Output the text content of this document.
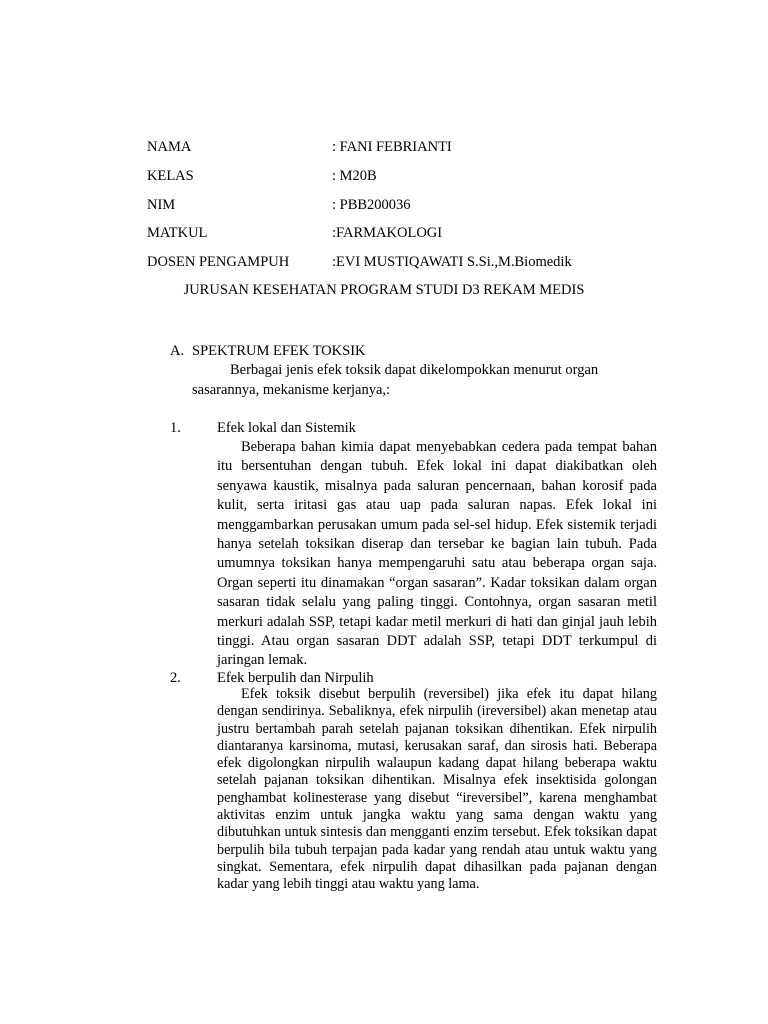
NAMA	: FANI FEBRIANTI
KELAS	: M20B
NIM	: PBB200036
MATKUL	:FARMAKOLOGI
DOSEN PENGAMPUH	:EVI MUSTIQAWATI S.Si.,M.Biomedik
JURUSAN KESEHATAN PROGRAM STUDI D3 REKAM MEDIS
A. SPEKTRUM EFEK TOKSIK
Berbagai jenis efek toksik dapat dikelompokkan menurut organ
sasarannya, mekanisme kerjanya,:
1. Efek lokal dan Sistemik

Beberapa bahan kimia dapat menyebabkan cedera pada tempat bahan itu bersentuhan dengan tubuh. Efek lokal ini dapat diakibatkan oleh senyawa kaustik, misalnya pada saluran pencernaan, bahan korosif pada kulit, serta iritasi gas atau uap pada saluran napas. Efek lokal ini menggambarkan perusakan umum pada sel-sel hidup. Efek sistemik terjadi hanya setelah toksikan diserap dan tersebar ke bagian lain tubuh. Pada umumnya toksikan hanya mempengaruhi satu atau beberapa organ saja. Organ seperti itu dinamakan “organ sasaran”. Kadar toksikan dalam organ sasaran tidak selalu yang paling tinggi. Contohnya, organ sasaran metil merkuri adalah SSP, tetapi kadar metil merkuri di hati dan ginjal jauh lebih tinggi. Atau organ sasaran DDT adalah SSP, tetapi DDT terkumpul di jaringan lemak.

2. Efek berpulih dan Nirpulih

Efek toksik disebut berpulih (reversibel) jika efek itu dapat hilang dengan sendirinya. Sebaliknya, efek nirpulih (ireversibel) akan menetap atau justru bertambah parah setelah pajanan toksikan dihentikan. Efek nirpulih diantaranya karsinoma, mutasi, kerusakan saraf, dan sirosis hati. Beberapa efek digolongkan nirpulih walaupun kadang dapat hilang beberapa waktu setelah pajanan toksikan dihentikan. Misalnya efek insektisida golongan penghambat kolinesterase yang disebut “ireversibel”, karena menghambat aktivitas enzim untuk jangka waktu yang sama dengan waktu yang dibutuhkan untuk sintesis dan mengganti enzim tersebut. Efek toksikan dapat berpulih bila tubuh terpajan pada kadar yang rendah atau untuk waktu yang singkat. Sementara, efek nirpulih dapat dihasilkan pada pajanan dengan kadar yang lebih tinggi atau waktu yang lama.
